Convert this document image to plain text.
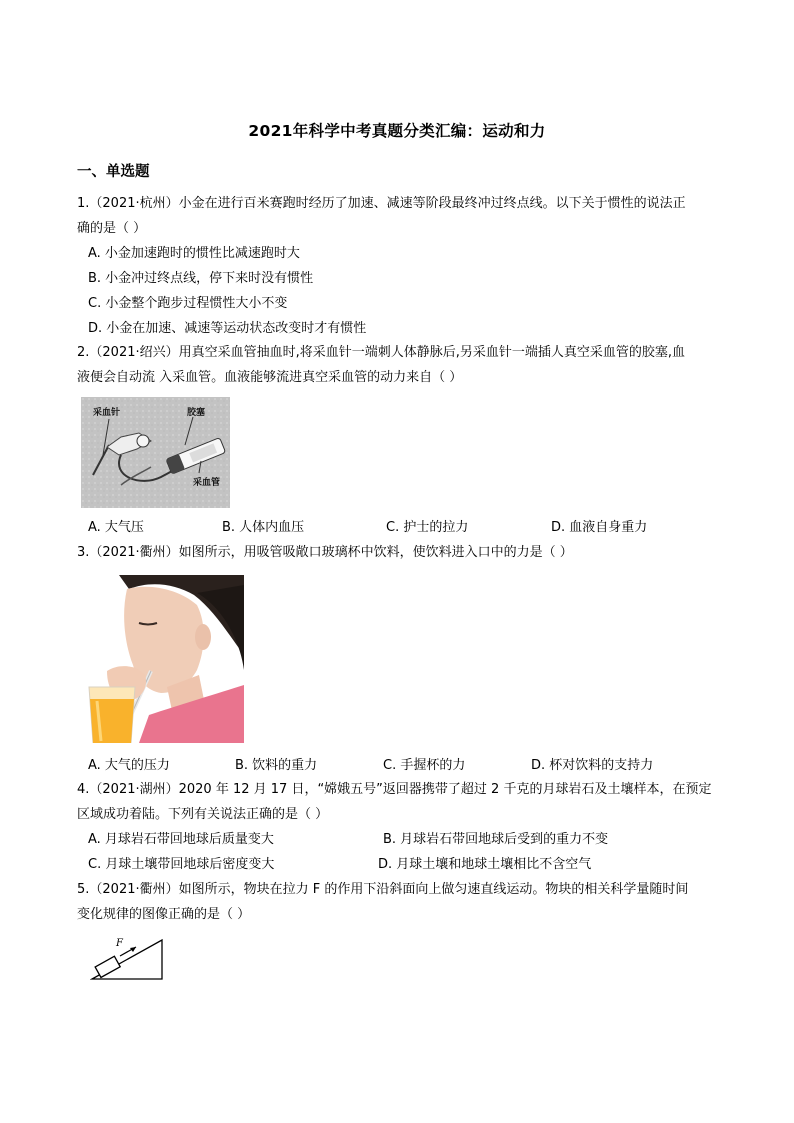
2021年科学中考真题分类汇编：运动和力
一、单选题
1.（2021·杭州）小金在进行百米赛跑时经历了加速、减速等阶段最终冲过终点线。以下关于惯性的说法正
确的是（ ）
A. 小金加速跑时的惯性比减速跑时大
B. 小金冲过终点线，停下来时没有惯性
C. 小金整个跑步过程惯性大小不变
D. 小金在加速、减速等运动状态改变时才有惯性
2.（2021·绍兴）用真空采血管抽血时,将采血针一端刺人体静脉后,另采血针一端插人真空采血管的胶塞,血
液便会自动流 入采血管。血液能够流进真空采血管的动力来自（ ）
采血针	胶塞
采血管
A. 大气压	B. 人体内血压	C. 护士的拉力	D. 血液自身重力
3.（2021·衢州）如图所示，用吸管吸敞口玻璃杯中饮料，使饮料进入口中的力是（ ）
A. 大气的压力	B. 饮料的重力	C. 手握杯的力	D. 杯对饮料的支持力
4.（2021·湖州）2020 年 12 月 17 日，“嫦娥五号”返回器携带了超过 2 千克的月球岩石及土壤样本，在预定
区域成功着陆。下列有关说法正确的是（ ）
A. 月球岩石带回地球后质量变大	B. 月球岩石带回地球后受到的重力不变
C. 月球土壤带回地球后密度变大	D. 月球土壤和地球土壤相比不含空气
5.（2021·衢州）如图所示，物块在拉力 F 的作用下沿斜面向上做匀速直线运动。物块的相关科学量随时间
变化规律的图像正确的是（ ）
F
